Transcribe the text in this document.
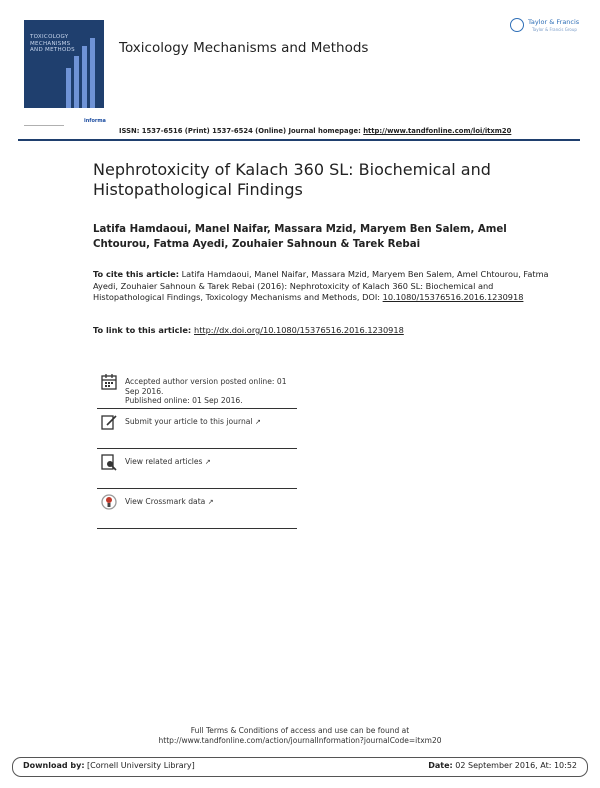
TOXICOLOGY
MECHANISMS
AND METHODS
informa
Toxicology Mechanisms and Methods
Taylor & Francis
Taylor & Francis Group
ISSN: 1537-6516 (Print) 1537-6524 (Online) Journal homepage: http://www.tandfonline.com/loi/itxm20
Nephrotoxicity of Kalach 360 SL: Biochemical and Histopathological Findings
Latifa Hamdaoui, Manel Naifar, Massara Mzid, Maryem Ben Salem, Amel Chtourou, Fatma Ayedi, Zouhaier Sahnoun & Tarek Rebai
To cite this article: Latifa Hamdaoui, Manel Naifar, Massara Mzid, Maryem Ben Salem, Amel Chtourou, Fatma Ayedi, Zouhaier Sahnoun & Tarek Rebai (2016): Nephrotoxicity of Kalach 360 SL: Biochemical and Histopathological Findings, Toxicology Mechanisms and Methods, DOI: 10.1080/15376516.2016.1230918
To link to this article: http://dx.doi.org/10.1080/15376516.2016.1230918
Accepted author version posted online: 01 Sep 2016.
Published online: 01 Sep 2016.
Submit your article to this journal ↗
View related articles ↗
View Crossmark data ↗
Full Terms & Conditions of access and use can be found at
http://www.tandfonline.com/action/journalInformation?journalCode=itxm20
Download by: [Cornell University Library]	Date: 02 September 2016, At: 10:52
